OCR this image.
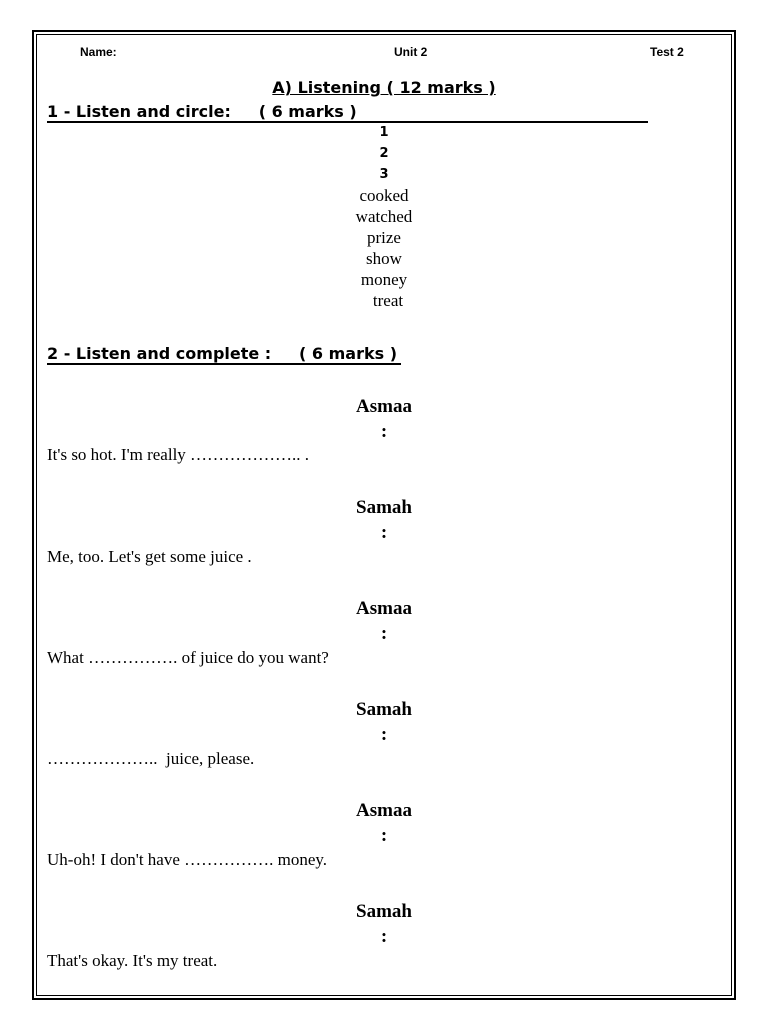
Name:	Unit 2	Test 2
A) Listening ( 12 marks )
1 - Listen and circle:     ( 6 marks )
1
2
3
cooked
watched
prize
show
money
treat
2 - Listen and complete :     ( 6 marks )
Asmaa
:
It's so hot. I'm really ……………….. .
Samah
:
Me, too. Let's get some juice .
Asmaa
:
What ……………. of juice do you want?
Samah
:
………………..  juice, please.
Asmaa
:
Uh-oh! I don't have ……………. money.
Samah
:
That's okay. It's my treat.
